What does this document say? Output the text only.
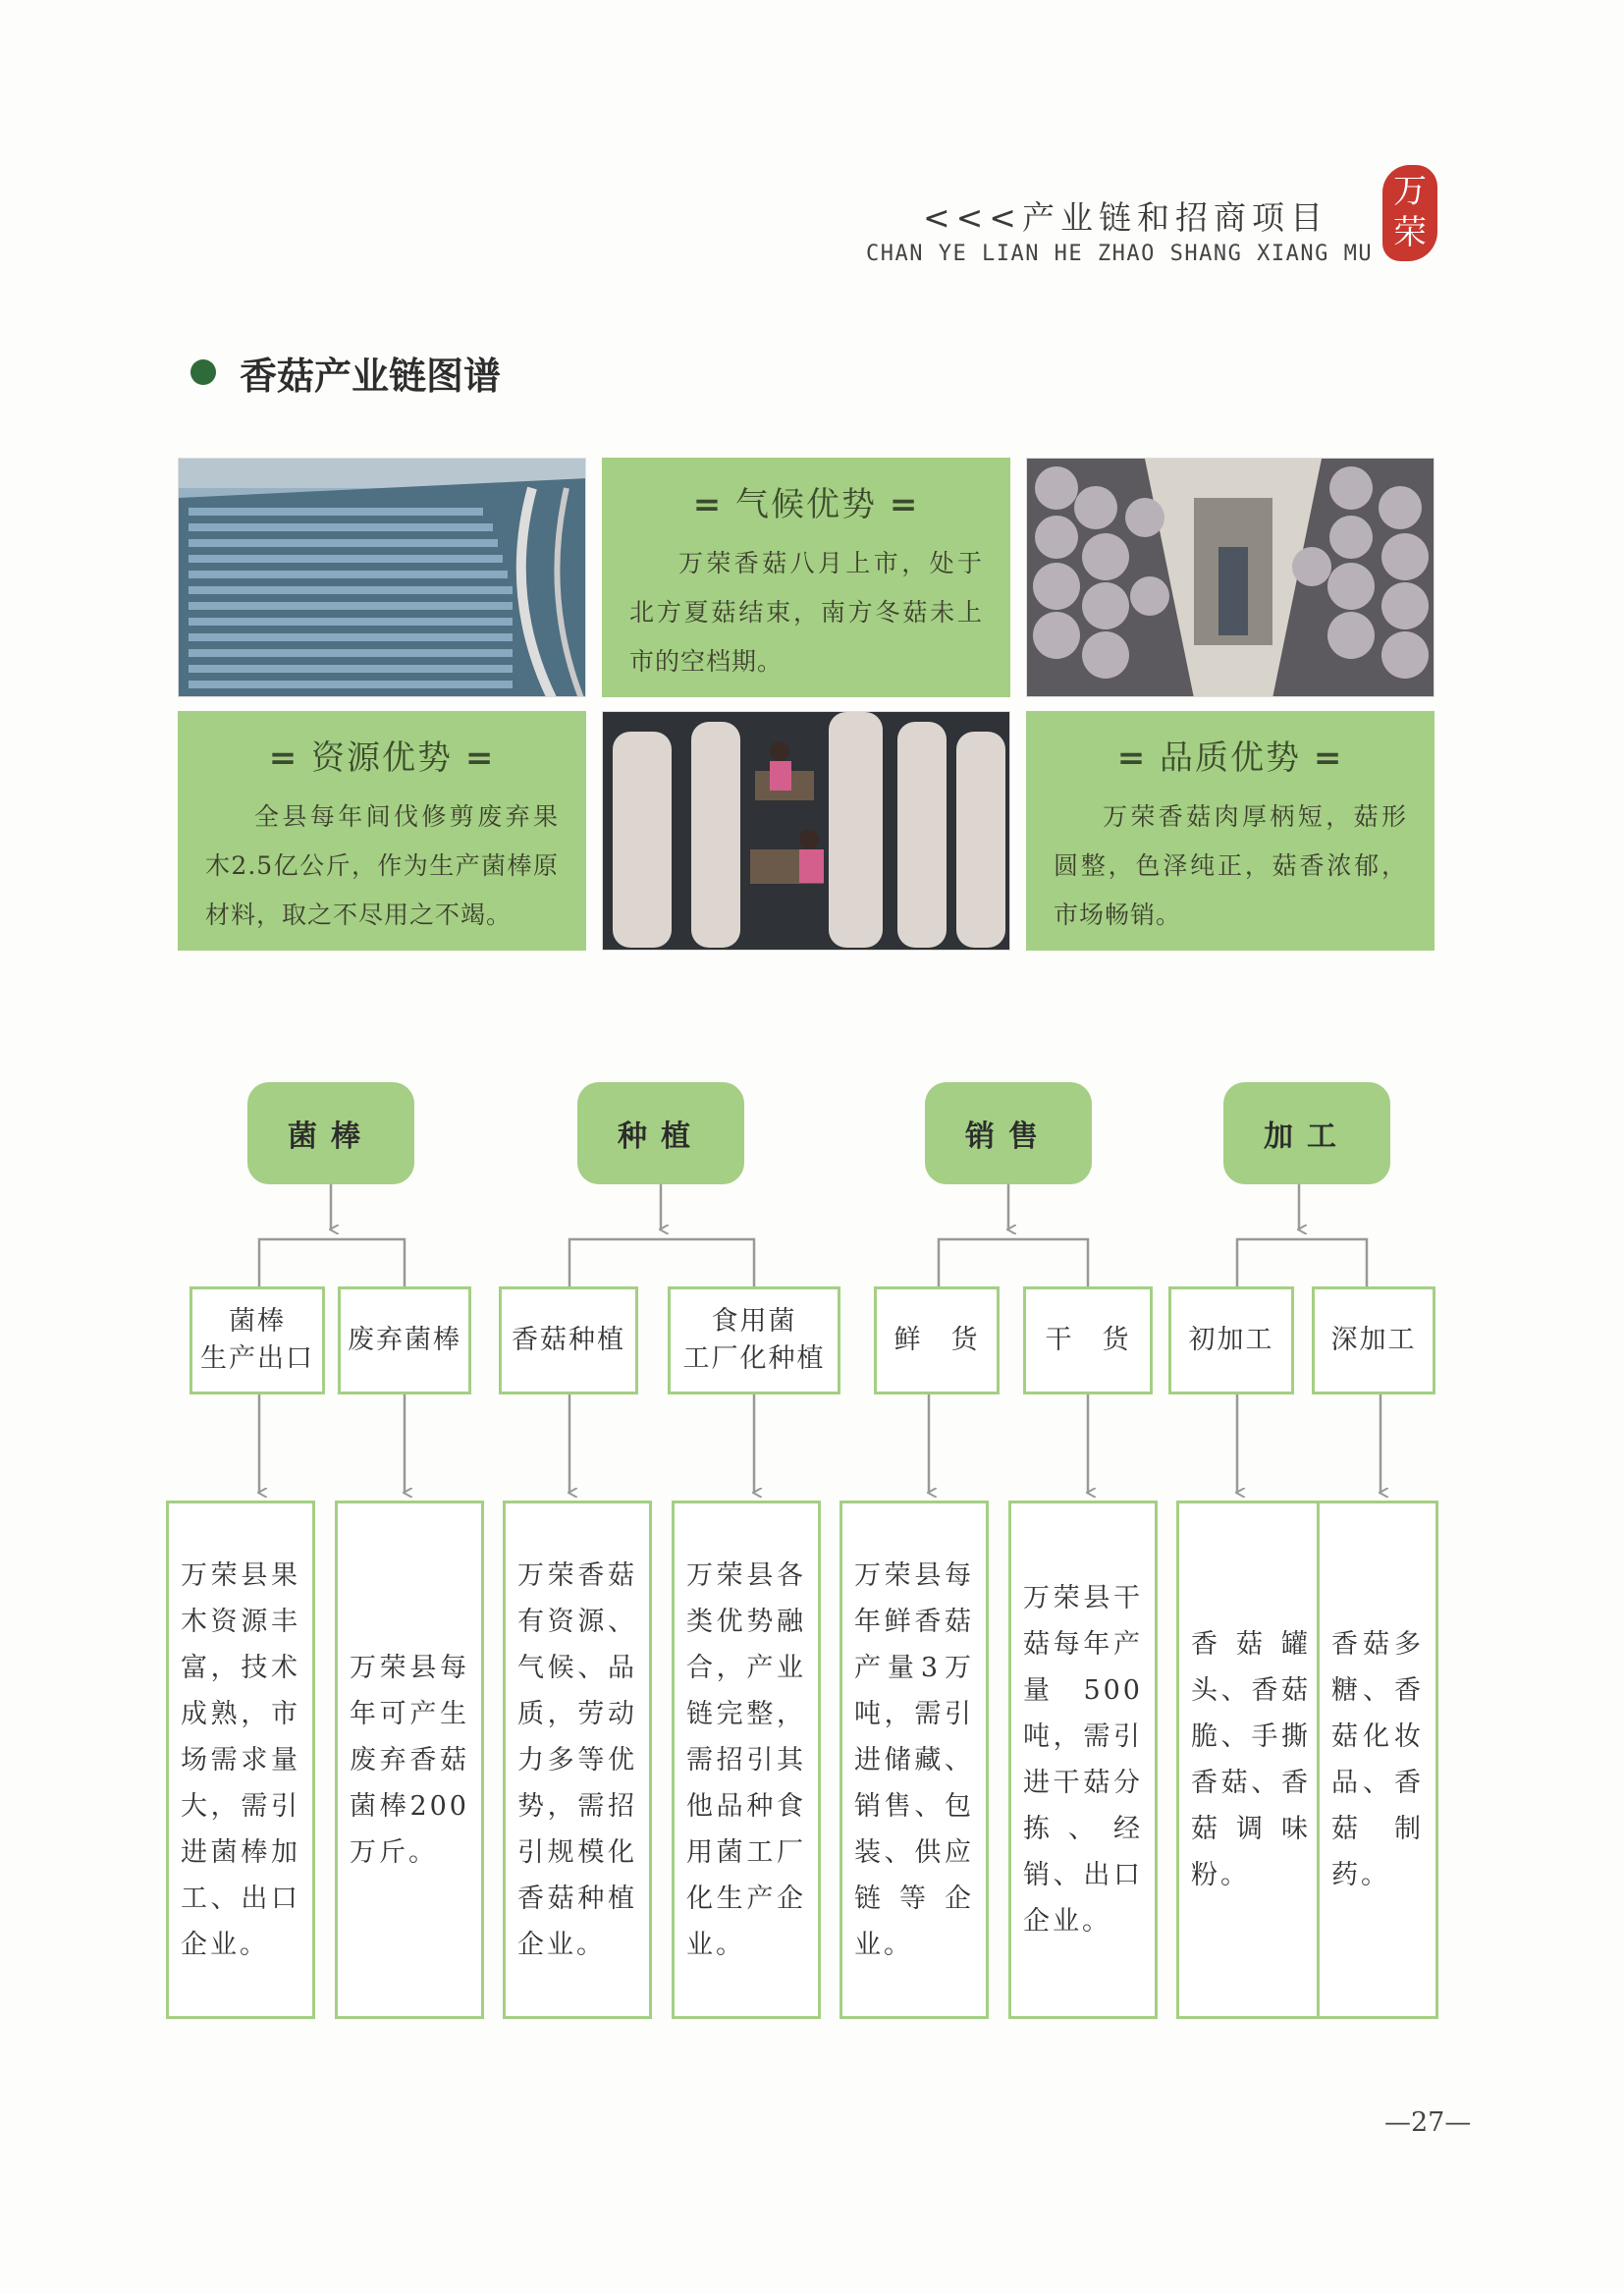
<<<产业链和招商项目
CHAN YE LIAN HE ZHAO SHANG XIANG MU
万
荣
香菇产业链图谱
= 气候优势 =
万荣香菇八月上市，处于北方夏菇结束，南方冬菇未上市的空档期。
= 资源优势 =
全县每年间伐修剪废弃果木2.5亿公斤，作为生产菌棒原材料，取之不尽用之不竭。
= 品质优势 =
万荣香菇肉厚柄短，菇形圆整，色泽纯正，菇香浓郁，市场畅销。
菌棒	种植	销售	加工
菌棒
生产出口
废弃菌棒	香菇种植
食用菌
工厂化种植
鲜　货	干　货	初加工	深加工
万荣县果木资源丰富，技术成熟，市场需求量大，需引进菌棒加工、出口企业。
万荣县每年可产生废弃香菇菌棒200万斤。
万荣香菇有资源、气候、品质，劳动力多等优势，需招引规模化香菇种植企业。
万荣县各类优势融合，产业链完整，需招引其他品种食用菌工厂化生产企业。
万荣县每年鲜香菇产量3万吨，需引进储藏、销售、包装、供应链等企业。
万荣县干菇每年产量500吨，需引进干菇分拣、经销、出口企业。
香菇罐头、香菇脆、手撕香菇、香菇调味粉。
香菇多糖、香菇化妆品、香菇制药。
—27—
